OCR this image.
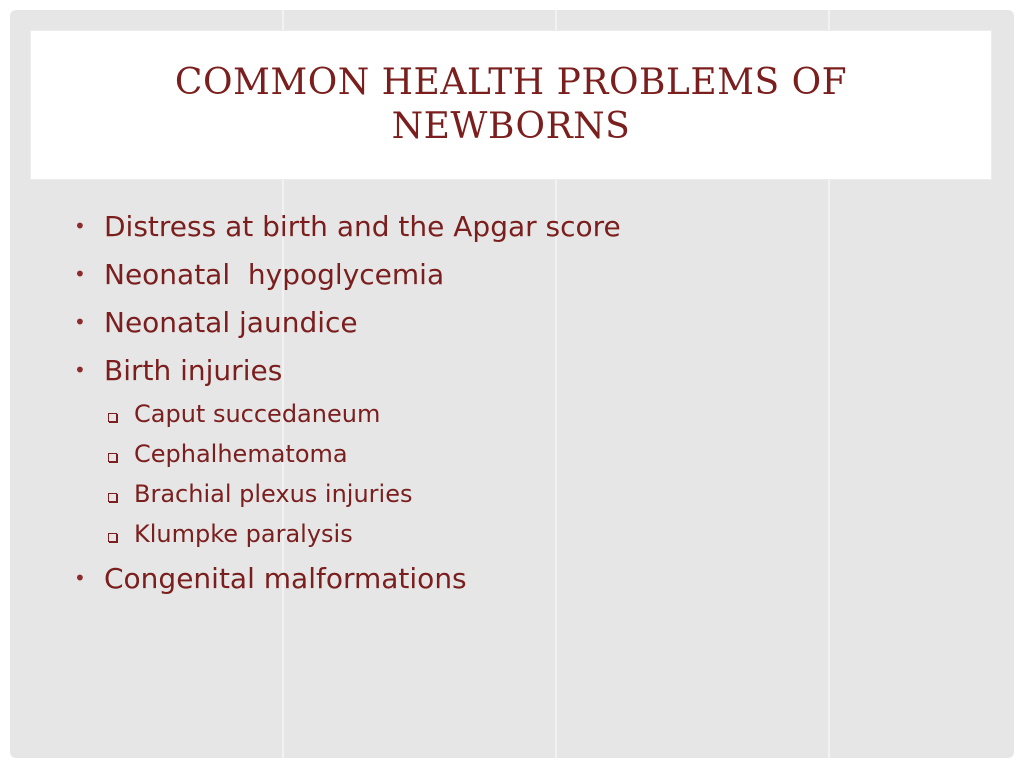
COMMON HEALTH PROBLEMS OF
NEWBORNS
• Distress at birth and the Apgar score
• Neonatal  hypoglycemia
• Neonatal jaundice
• Birth injuries
Caput succedaneum
Cephalhematoma
Brachial plexus injuries
Klumpke paralysis
• Congenital malformations
